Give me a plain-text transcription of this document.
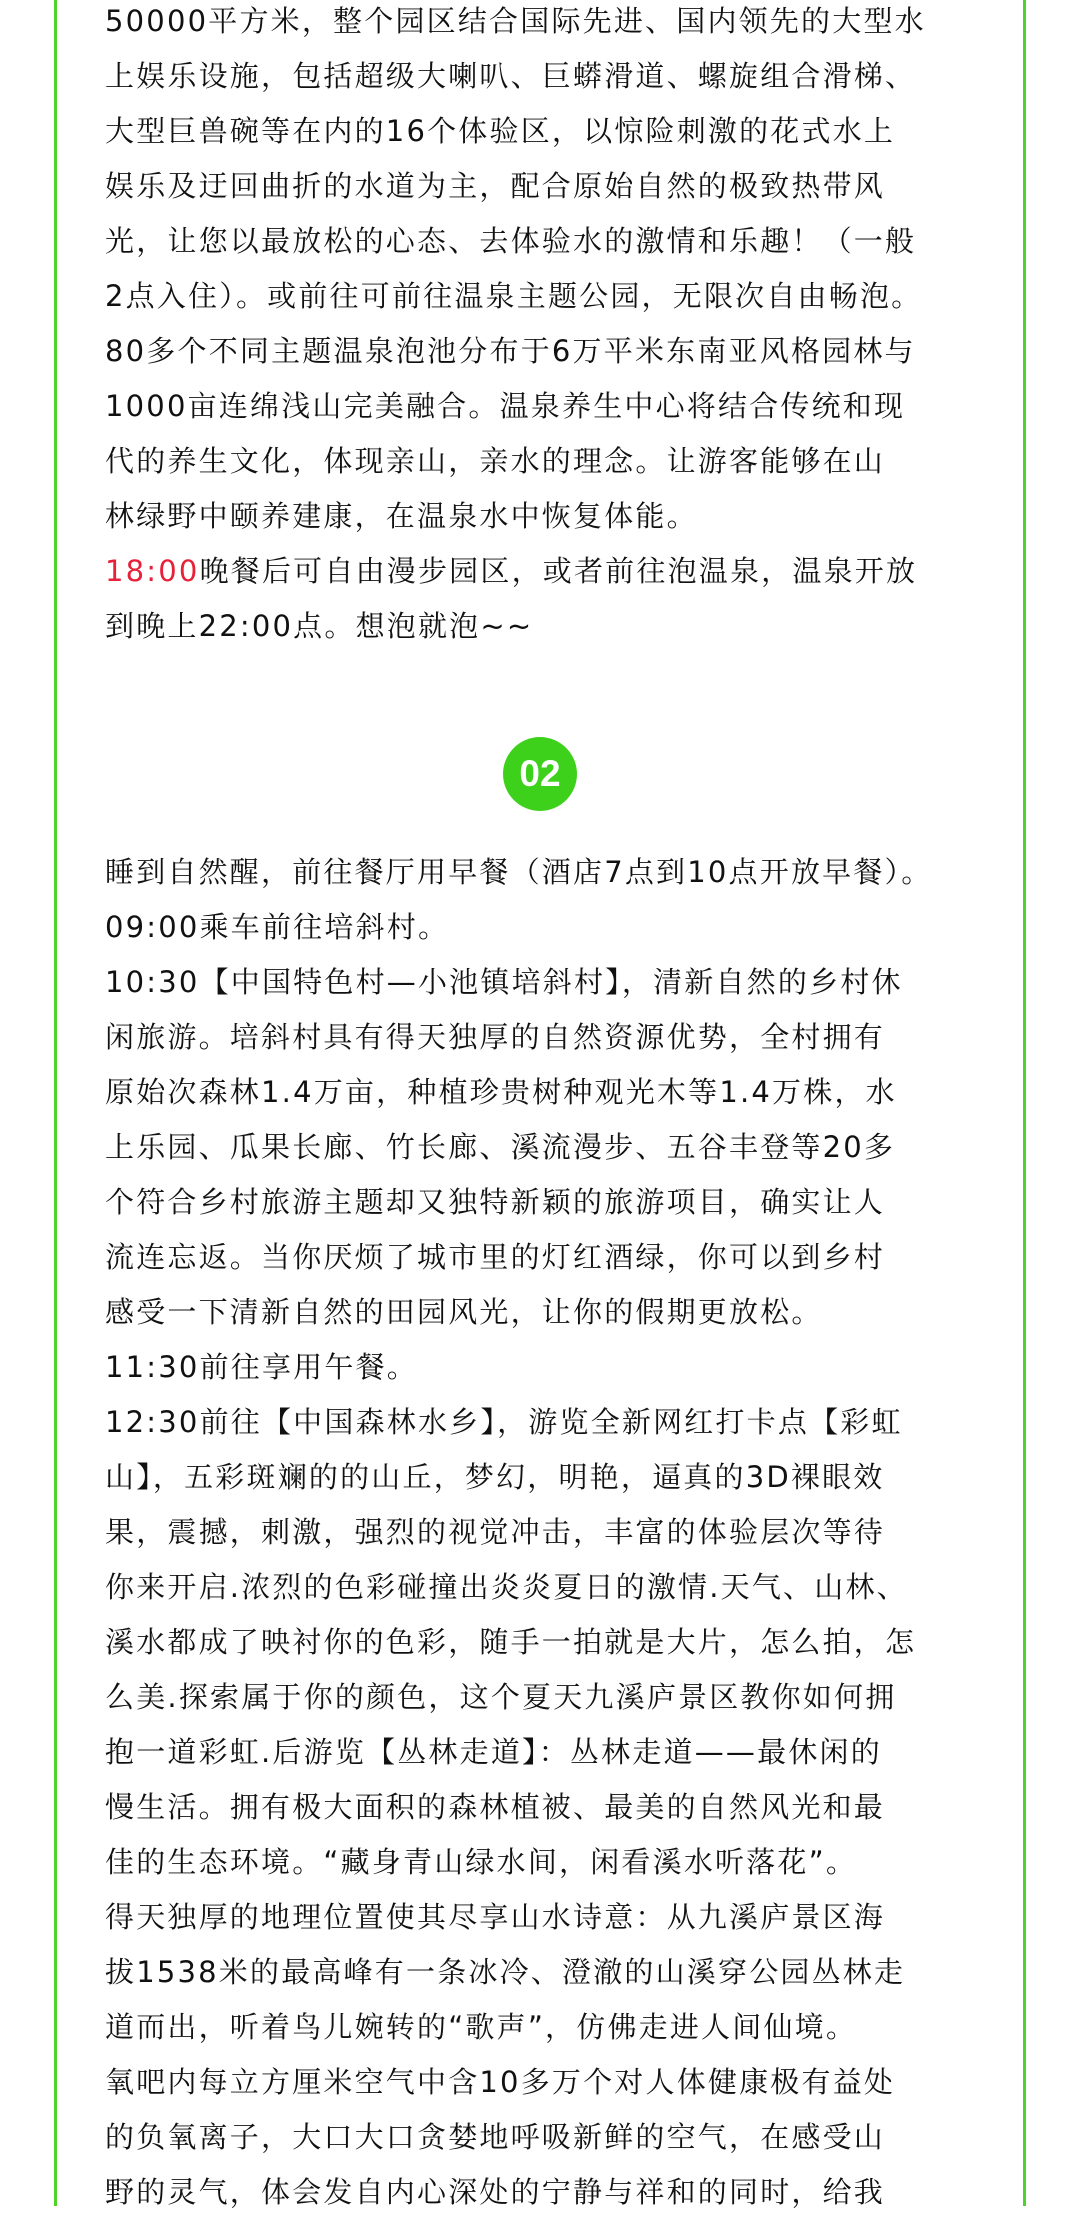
50000平方米，整个园区结合国际先进、国内领先的大型水
上娱乐设施，包括超级大喇叭、巨蟒滑道、螺旋组合滑梯、
大型巨兽碗等在内的16个体验区，以惊险刺激的花式水上
娱乐及迂回曲折的水道为主，配合原始自然的极致热带风
光，让您以最放松的心态、去体验水的激情和乐趣！（一般
2点入住）。或前往可前往温泉主题公园，无限次自由畅泡。
80多个不同主题温泉泡池分布于6万平米东南亚风格园林与
1000亩连绵浅山完美融合。温泉养生中心将结合传统和现
代的养生文化，体现亲山，亲水的理念。让游客能够在山
林绿野中颐养建康，在温泉水中恢复体能。
18:00晚餐后可自由漫步园区，或者前往泡温泉，温泉开放
到晚上22:00点。想泡就泡~~
02
睡到自然醒，前往餐厅用早餐（酒店7点到10点开放早餐）。
09:00乘车前往培斜村。
10:30【中国特色村—小池镇培斜村】，清新自然的乡村休
闲旅游。培斜村具有得天独厚的自然资源优势，全村拥有
原始次森林1.4万亩，种植珍贵树种观光木等1.4万株，水
上乐园、瓜果长廊、竹长廊、溪流漫步、五谷丰登等20多
个符合乡村旅游主题却又独特新颖的旅游项目，确实让人
流连忘返。当你厌烦了城市里的灯红酒绿，你可以到乡村
感受一下清新自然的田园风光，让你的假期更放松。
11:30前往享用午餐。
12:30前往【中国森林水乡】，游览全新网红打卡点【彩虹
山】，五彩斑斓的的山丘，梦幻，明艳，逼真的3D裸眼效
果，震撼，刺激，强烈的视觉冲击，丰富的体验层次等待
你来开启.浓烈的色彩碰撞出炎炎夏日的激情.天气、山林、
溪水都成了映衬你的色彩，随手一拍就是大片，怎么拍，怎
么美.探索属于你的颜色，这个夏天九溪庐景区教你如何拥
抱一道彩虹.后游览【丛林走道】：丛林走道——最休闲的
慢生活。拥有极大面积的森林植被、最美的自然风光和最
佳的生态环境。“藏身青山绿水间，闲看溪水听落花”。
得天独厚的地理位置使其尽享山水诗意：从九溪庐景区海
拔1538米的最高峰有一条冰冷、澄澈的山溪穿公园丛林走
道而出，听着鸟儿婉转的“歌声”，仿佛走进人间仙境。
氧吧内每立方厘米空气中含10多万个对人体健康极有益处
的负氧离子，大口大口贪婪地呼吸新鲜的空气，在感受山
野的灵气，体会发自内心深处的宁静与祥和的同时，给我
